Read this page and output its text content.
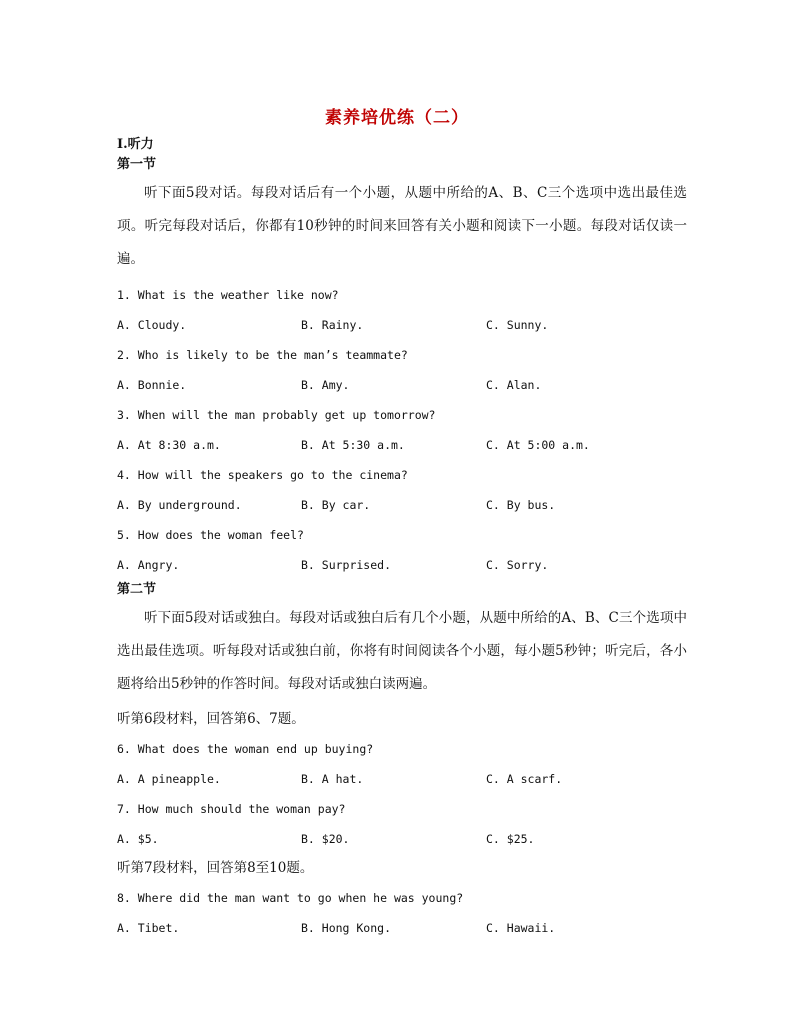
素养培优练（二）
Ⅰ.听力
第一节
听下面5段对话。每段对话后有一个小题，从题中所给的A、B、C三个选项中选出最佳选项。听完每段对话后，你都有10秒钟的时间来回答有关小题和阅读下一小题。每段对话仅读一遍。
1. What is the weather like now?
A. Cloudy.	B. Rainy.	C. Sunny.
2. Who is likely to be the man’s teammate?
A. Bonnie.	B. Amy.	C. Alan.
3. When will the man probably get up tomorrow?
A. At 8:30 a.m.	B. At 5:30 a.m.	C. At 5:00 a.m.
4. How will the speakers go to the cinema?
A. By underground.	B. By car.	C. By bus.
5. How does the woman feel?
A. Angry.	B. Surprised.	C. Sorry.
第二节
听下面5段对话或独白。每段对话或独白后有几个小题，从题中所给的A、B、C三个选项中选出最佳选项。听每段对话或独白前，你将有时间阅读各个小题，每小题5秒钟；听完后，各小题将给出5秒钟的作答时间。每段对话或独白读两遍。
听第6段材料，回答第6、7题。
6. What does the woman end up buying?
A. A pineapple.	B. A hat.	C. A scarf.
7. How much should the woman pay?
A. $5.	B. $20.	C. $25.
听第7段材料，回答第8至10题。
8. Where did the man want to go when he was young?
A. Tibet.	B. Hong Kong.	C. Hawaii.
